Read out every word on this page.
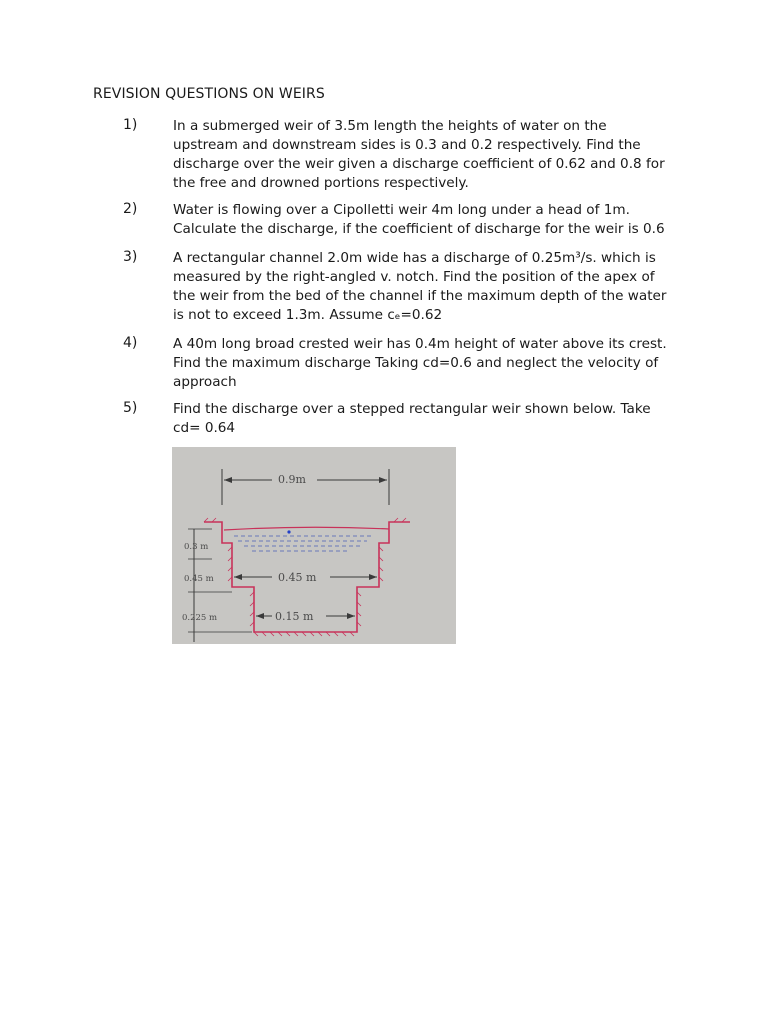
REVISION QUESTIONS ON WEIRS
1)	In a submerged weir of 3.5m length the heights of water on the upstream and downstream sides is 0.3 and 0.2 respectively. Find the discharge over the weir given a discharge coefficient of 0.62 and 0.8 for the free and drowned portions respectively.
2)	Water is flowing over a Cipolletti weir 4m long under a head of 1m. Calculate the discharge, if the coefficient of discharge for the weir is 0.6
3)	A rectangular channel 2.0m wide has a discharge of 0.25m³/s. which is measured by the right-angled v. notch. Find the position of the apex of the weir from the bed of the channel if the maximum depth of the water is not to exceed 1.3m. Assume cₑ=0.62
4)	A 40m long broad crested weir has 0.4m height of water above its crest. Find the maximum discharge Taking cd=0.6 and neglect the velocity of approach
5)	Find the discharge over a stepped rectangular weir shown below. Take cd= 0.64
0.9m
0.3 m
0.45 m
0.225 m
0.45 m
0.15 m
